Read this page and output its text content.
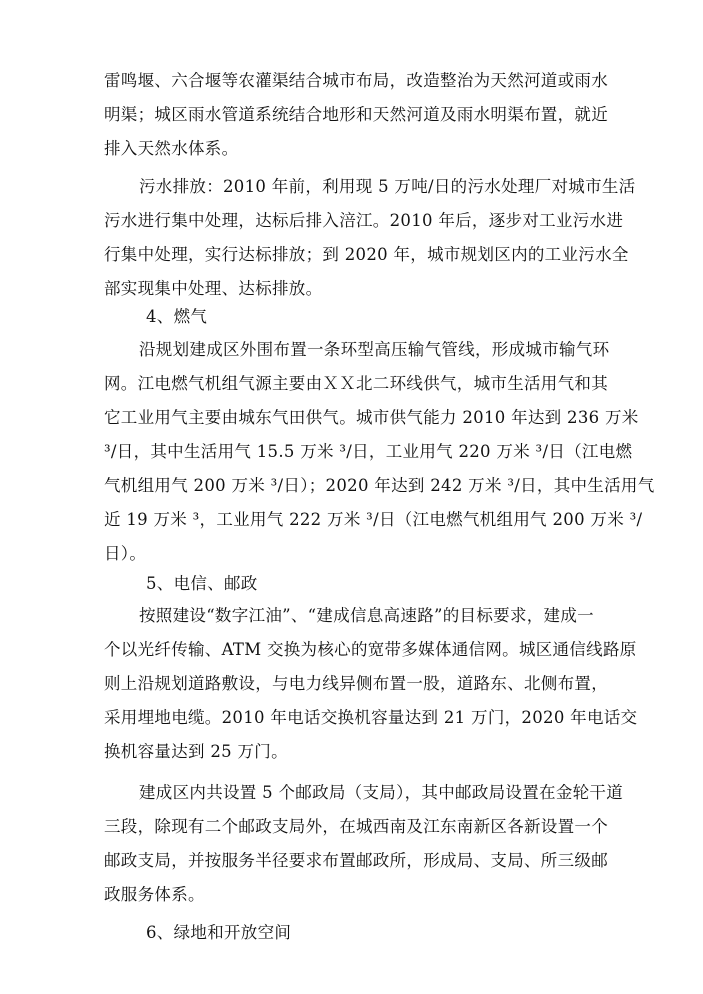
雷鸣堰、六合堰等农灌渠结合城市布局，改造整治为天然河道或雨水
明渠；城区雨水管道系统结合地形和天然河道及雨水明渠布置，就近
排入天然水体系。
污水排放：2010 年前，利用现 5 万吨/日的污水处理厂对城市生活
污水进行集中处理，达标后排入涪江。2010 年后，逐步对工业污水进
行集中处理，实行达标排放；到 2020 年，城市规划区内的工业污水全
部实现集中处理、达标排放。
4、燃气
沿规划建成区外围布置一条环型高压输气管线，形成城市输气环
网。江电燃气机组气源主要由ＸＸ北二环线供气，城市生活用气和其
它工业用气主要由城东气田供气。城市供气能力 2010 年达到 236 万米
³/日，其中生活用气 15.5 万米 ³/日，工业用气 220 万米 ³/日（江电燃
气机组用气 200 万米 ³/日）；2020 年达到 242 万米 ³/日，其中生活用气
近 19 万米 ³，工业用气 222 万米 ³/日（江电燃气机组用气 200 万米 ³/
日）。
5、电信、邮政
按照建设“数字江油”、“建成信息高速路”的目标要求，建成一
个以光纤传输、ATM 交换为核心的宽带多媒体通信网。城区通信线路原
则上沿规划道路敷设，与电力线异侧布置一股，道路东、北侧布置，
采用埋地电缆。2010 年电话交换机容量达到 21 万门，2020 年电话交
换机容量达到 25 万门。
建成区内共设置 5 个邮政局（支局），其中邮政局设置在金轮干道
三段，除现有二个邮政支局外，在城西南及江东南新区各新设置一个
邮政支局，并按服务半径要求布置邮政所，形成局、支局、所三级邮
政服务体系。
6、绿地和开放空间
